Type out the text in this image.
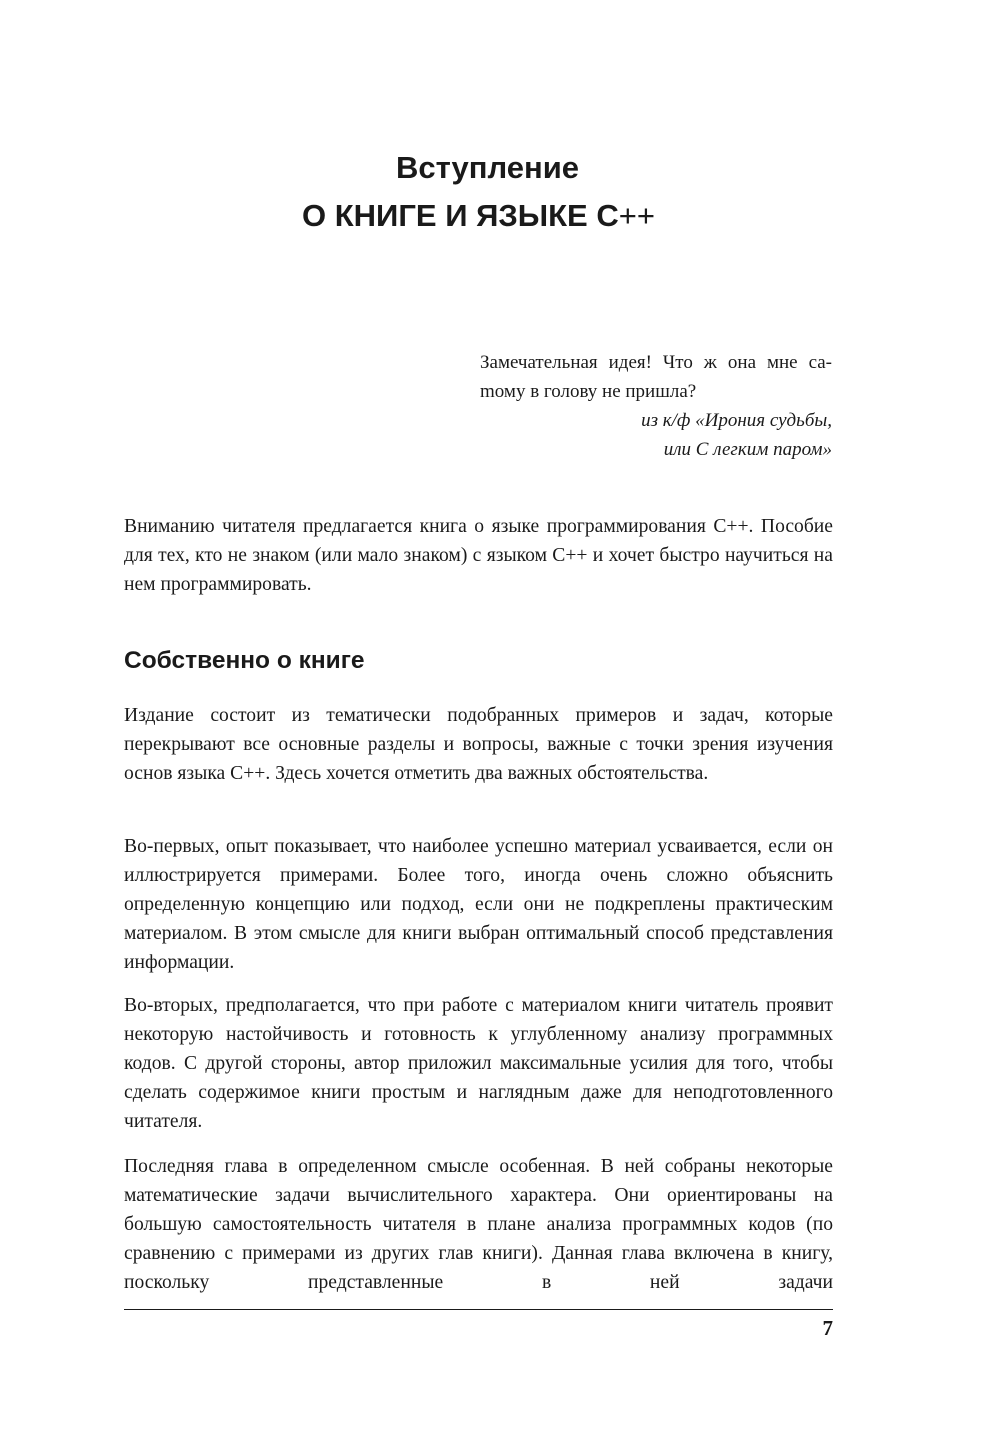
Вступление
О КНИГЕ И ЯЗЫКЕ С++
Замечательная идея! Что ж она мне саmому в голову не пришла?
из к/ф «Ирония судьбы,
или С легким паром»

Вниманию читателя предлагается книга о языке программирования С++. Пособие для тех, кто не знаком (или мало знаком) с языком С++ и хочет быстро научиться на нем программировать.

Собственно о книге

Издание состоит из тематически подобранных примеров и задач, которые перекрывают все основные разделы и вопросы, важные с точки зрения изучения основ языка С++. Здесь хочется отметить два важных обстоятельства.

Во-первых, опыт показывает, что наиболее успешно материал усваивается, если он иллюстрируется примерами. Более того, иногда очень сложно объяснить определенную концепцию или подход, если они не подкреплены практическим материалом. В этом смысле для книги выбран оптимальный способ представления информации.

Во-вторых, предполагается, что при работе с материалом книги читатель проявит некоторую настойчивость и готовность к углубленному анализу программных кодов. С другой стороны, автор приложил максимальные усилия для того, чтобы сделать содержимое книги простым и наглядным даже для неподготовленного читателя.

Последняя глава в определенном смысле особенная. В ней собраны некоторые математические задачи вычислительного характера. Они ориентированы на большую самостоятельность читателя в плане анализа программных кодов (по сравнению с примерами из других глав книги). Данная глава включена в книгу, поскольку представленные в ней задачи

7
